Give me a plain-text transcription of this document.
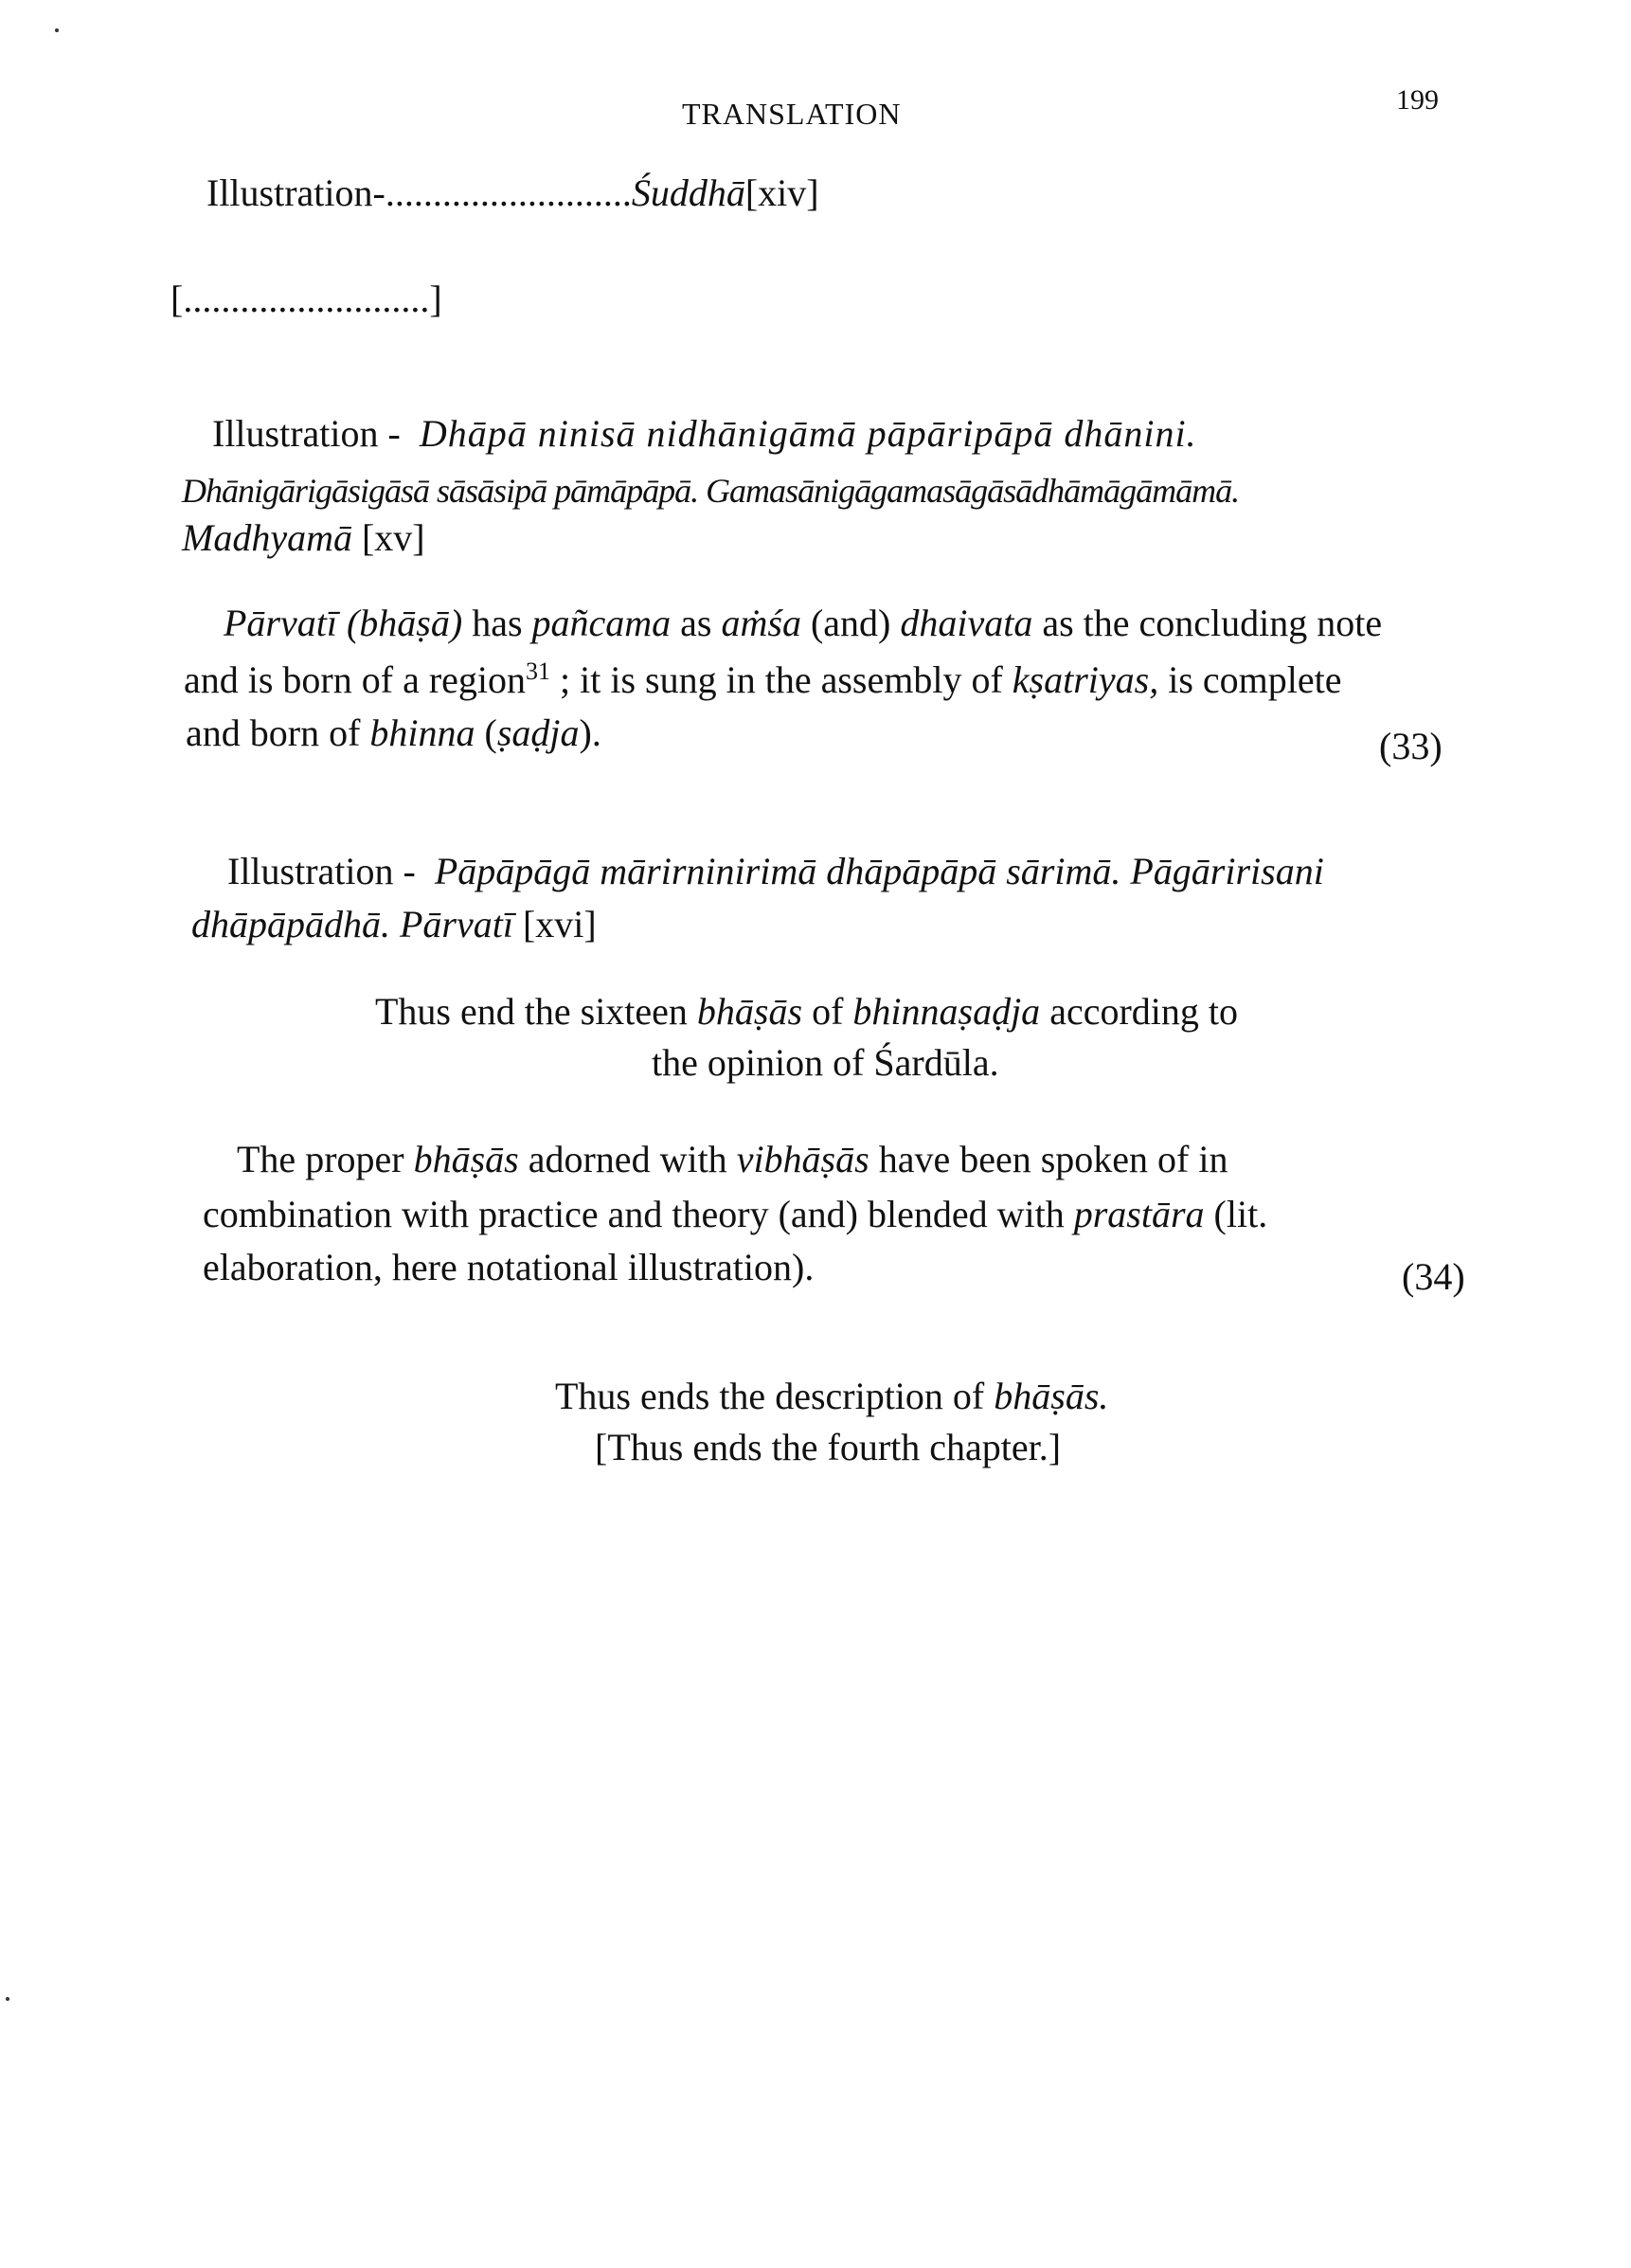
TRANSLATION	199
Illustration-..........................Śuddhā[xiv]
[..........................]
Illustration - Dhāpā ninisā nidhānigāmā pāpāripāpā dhānini.
Dhānigārigāsigāsā sāsāsipā pāmāpāpā. Gamasānigāgamasāgāsādhāmāgāmāmā.
Madhyamā [xv]
Pārvatī (bhāṣā) has pañcama as aṁśa (and) dhaivata as the concluding note
and is born of a region$^{31}$ ; it is sung in the assembly of kṣatriyas, is complete
and born of bhinna (ṣaḍja).	(33)
Illustration - Pāpāpāgā mārirninirimā dhāpāpāpā sārimā. Pāgāririsani
dhāpāpādhā. Pārvatī [xvi]
Thus end the sixteen bhāṣās of bhinnaṣaḍja according to
the opinion of Śardūla.
The proper bhāṣās adorned with vibhāṣās have been spoken of in
combination with practice and theory (and) blended with prastāra (lit.
elaboration, here notational illustration).	(34)
Thus ends the description of bhāṣās.
[Thus ends the fourth chapter.]
